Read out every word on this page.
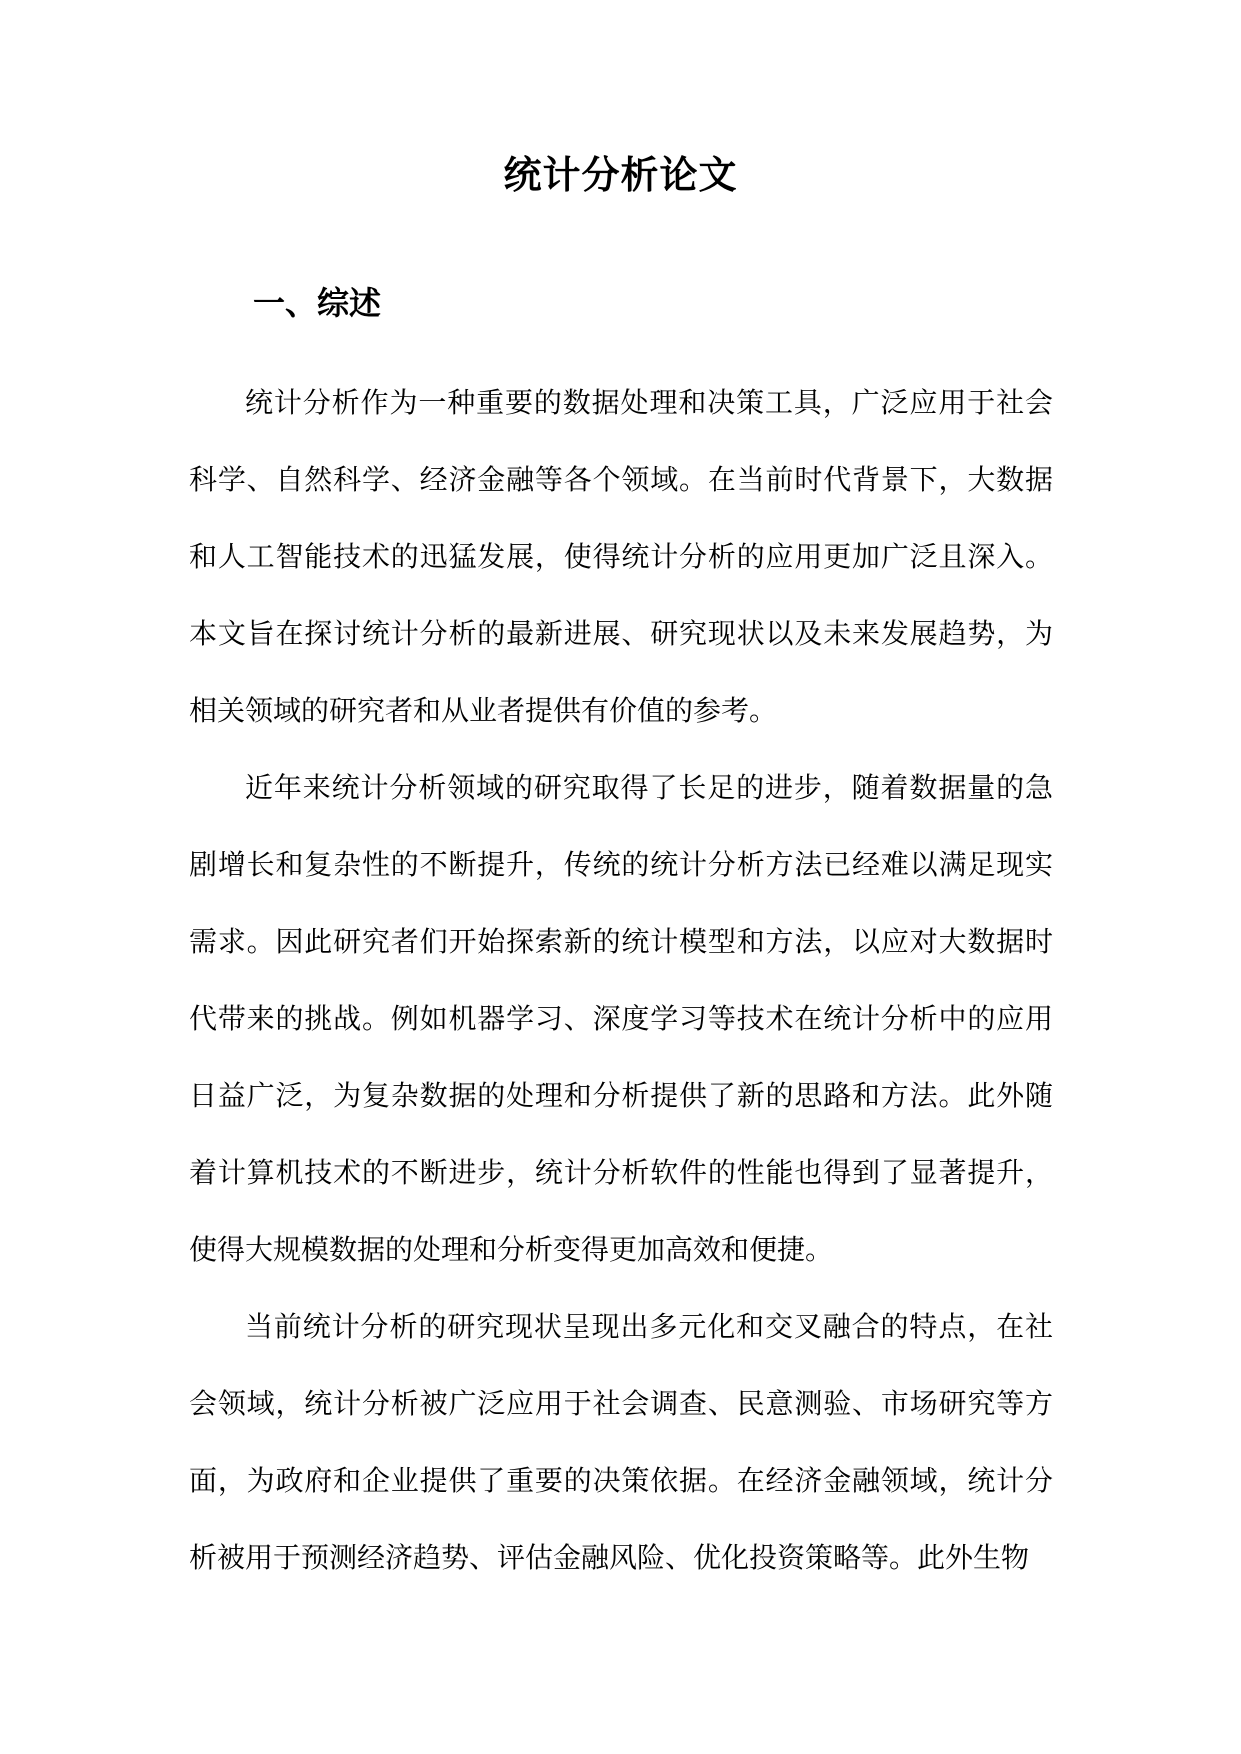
统计分析论文
一、综述

统计分析作为一种重要的数据处理和决策工具，广泛应用于社会科学、自然科学、经济金融等各个领域。在当前时代背景下，大数据和人工智能技术的迅猛发展，使得统计分析的应用更加广泛且深入。本文旨在探讨统计分析的最新进展、研究现状以及未来发展趋势，为相关领域的研究者和从业者提供有价值的参考。

近年来统计分析领域的研究取得了长足的进步，随着数据量的急剧增长和复杂性的不断提升，传统的统计分析方法已经难以满足现实需求。因此研究者们开始探索新的统计模型和方法，以应对大数据时代带来的挑战。例如机器学习、深度学习等技术在统计分析中的应用日益广泛，为复杂数据的处理和分析提供了新的思路和方法。此外随着计算机技术的不断进步，统计分析软件的性能也得到了显著提升，使得大规模数据的处理和分析变得更加高效和便捷。

当前统计分析的研究现状呈现出多元化和交叉融合的特点，在社会领域，统计分析被广泛应用于社会调查、民意测验、市场研究等方面，为政府和企业提供了重要的决策依据。在经济金融领域，统计分析被用于预测经济趋势、评估金融风险、优化投资策略等。此外生物
